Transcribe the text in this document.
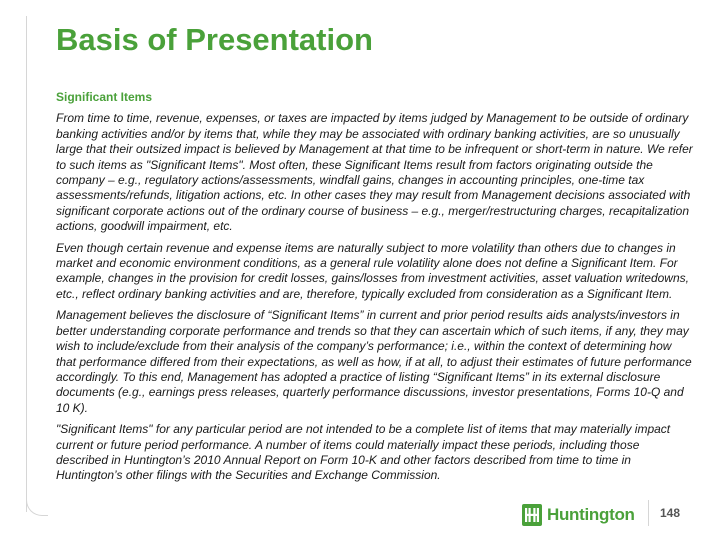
Basis of Presentation

Significant Items

From time to time, revenue, expenses, or taxes are impacted by items judged by Management to be outside of ordinary banking activities and/or by items that, while they may be associated with ordinary banking activities, are so unusually large that their outsized impact is believed by Management at that time to be infrequent or short-term in nature. We refer to such items as "Significant Items". Most often, these Significant Items result from factors originating outside the company – e.g., regulatory actions/assessments, windfall gains, changes in accounting principles, one-time tax assessments/refunds, litigation actions, etc. In other cases they may result from Management decisions associated with significant corporate actions out of the ordinary course of business – e.g., merger/restructuring charges, recapitalization actions, goodwill impairment, etc.

Even though certain revenue and expense items are naturally subject to more volatility than others due to changes in market and economic environment conditions, as a general rule volatility alone does not define a Significant Item. For example, changes in the provision for credit losses, gains/losses from investment activities, asset valuation writedowns, etc., reflect ordinary banking activities and are, therefore, typically excluded from consideration as a Significant Item.

Management believes the disclosure of “Significant Items” in current and prior period results aids analysts/investors in better understanding corporate performance and trends so that they can ascertain which of such items, if any, they may wish to include/exclude from their analysis of the company’s performance; i.e., within the context of determining how that performance differed from their expectations, as well as how, if at all, to adjust their estimates of future performance accordingly. To this end, Management has adopted a practice of listing “Significant Items” in its external disclosure documents (e.g., earnings press releases, quarterly performance discussions, investor presentations, Forms 10-Q and 10 K).

"Significant Items" for any particular period are not intended to be a complete list of items that may materially impact current or future period performance. A number of items could materially impact these periods, including those described in Huntington’s 2010 Annual Report on Form 10-K and other factors described from time to time in Huntington’s other filings with the Securities and Exchange Commission.

Huntington 148
